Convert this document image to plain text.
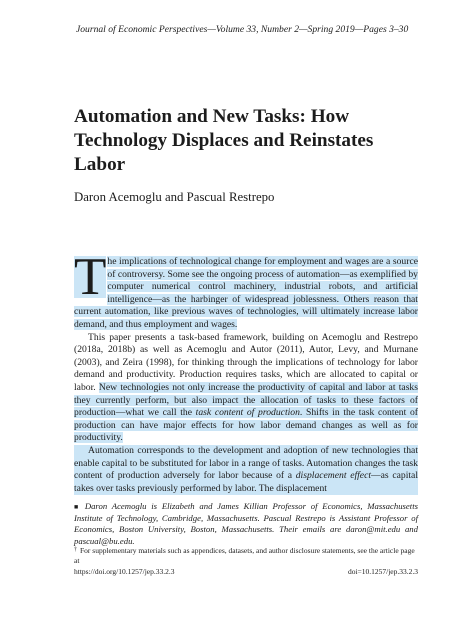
Journal of Economic Perspectives—Volume 33, Number 2—Spring 2019—Pages 3–30
Automation and New Tasks: How
Technology Displaces and Reinstates
Labor
Daron Acemoglu and Pascual Restrepo

T he implications of technological change for employment and wages are a source of controversy. Some see the ongoing process of automation—as exemplified by computer numerical control machinery, industrial robots, and artificial intelligence—as the harbinger of widespread joblessness. Others reason that current automation, like previous waves of technologies, will ultimately increase labor demand, and thus employment and wages.

This paper presents a task-based framework, building on Acemoglu and Restrepo (2018a, 2018b) as well as Acemoglu and Autor (2011), Autor, Levy, and Murnane (2003), and Zeira (1998), for thinking through the implications of technology for labor demand and productivity. Production requires tasks, which are allocated to capital or labor. New technologies not only increase the productivity of capital and labor at tasks they currently perform, but also impact the allocation of tasks to these factors of production—what we call the task content of production. Shifts in the task content of production can have major effects for how labor demand changes as well as for productivity.

Automation corresponds to the development and adoption of new technologies that enable capital to be substituted for labor in a range of tasks. Automation changes the task content of production adversely for labor because of a displacement effect—as capital takes over tasks previously performed by labor. The displacement

■ Daron Acemoglu is Elizabeth and James Killian Professor of Economics, Massachusetts Institute of Technology, Cambridge, Massachusetts. Pascual Restrepo is Assistant Professor of Economics, Boston University, Boston, Massachusetts. Their emails are daron@mit.edu and pascual@bu.edu.
† For supplementary materials such as appendices, datasets, and author disclosure statements, see the article page at
https://doi.org/10.1257/jep.33.2.3	doi=10.1257/jep.33.2.3
